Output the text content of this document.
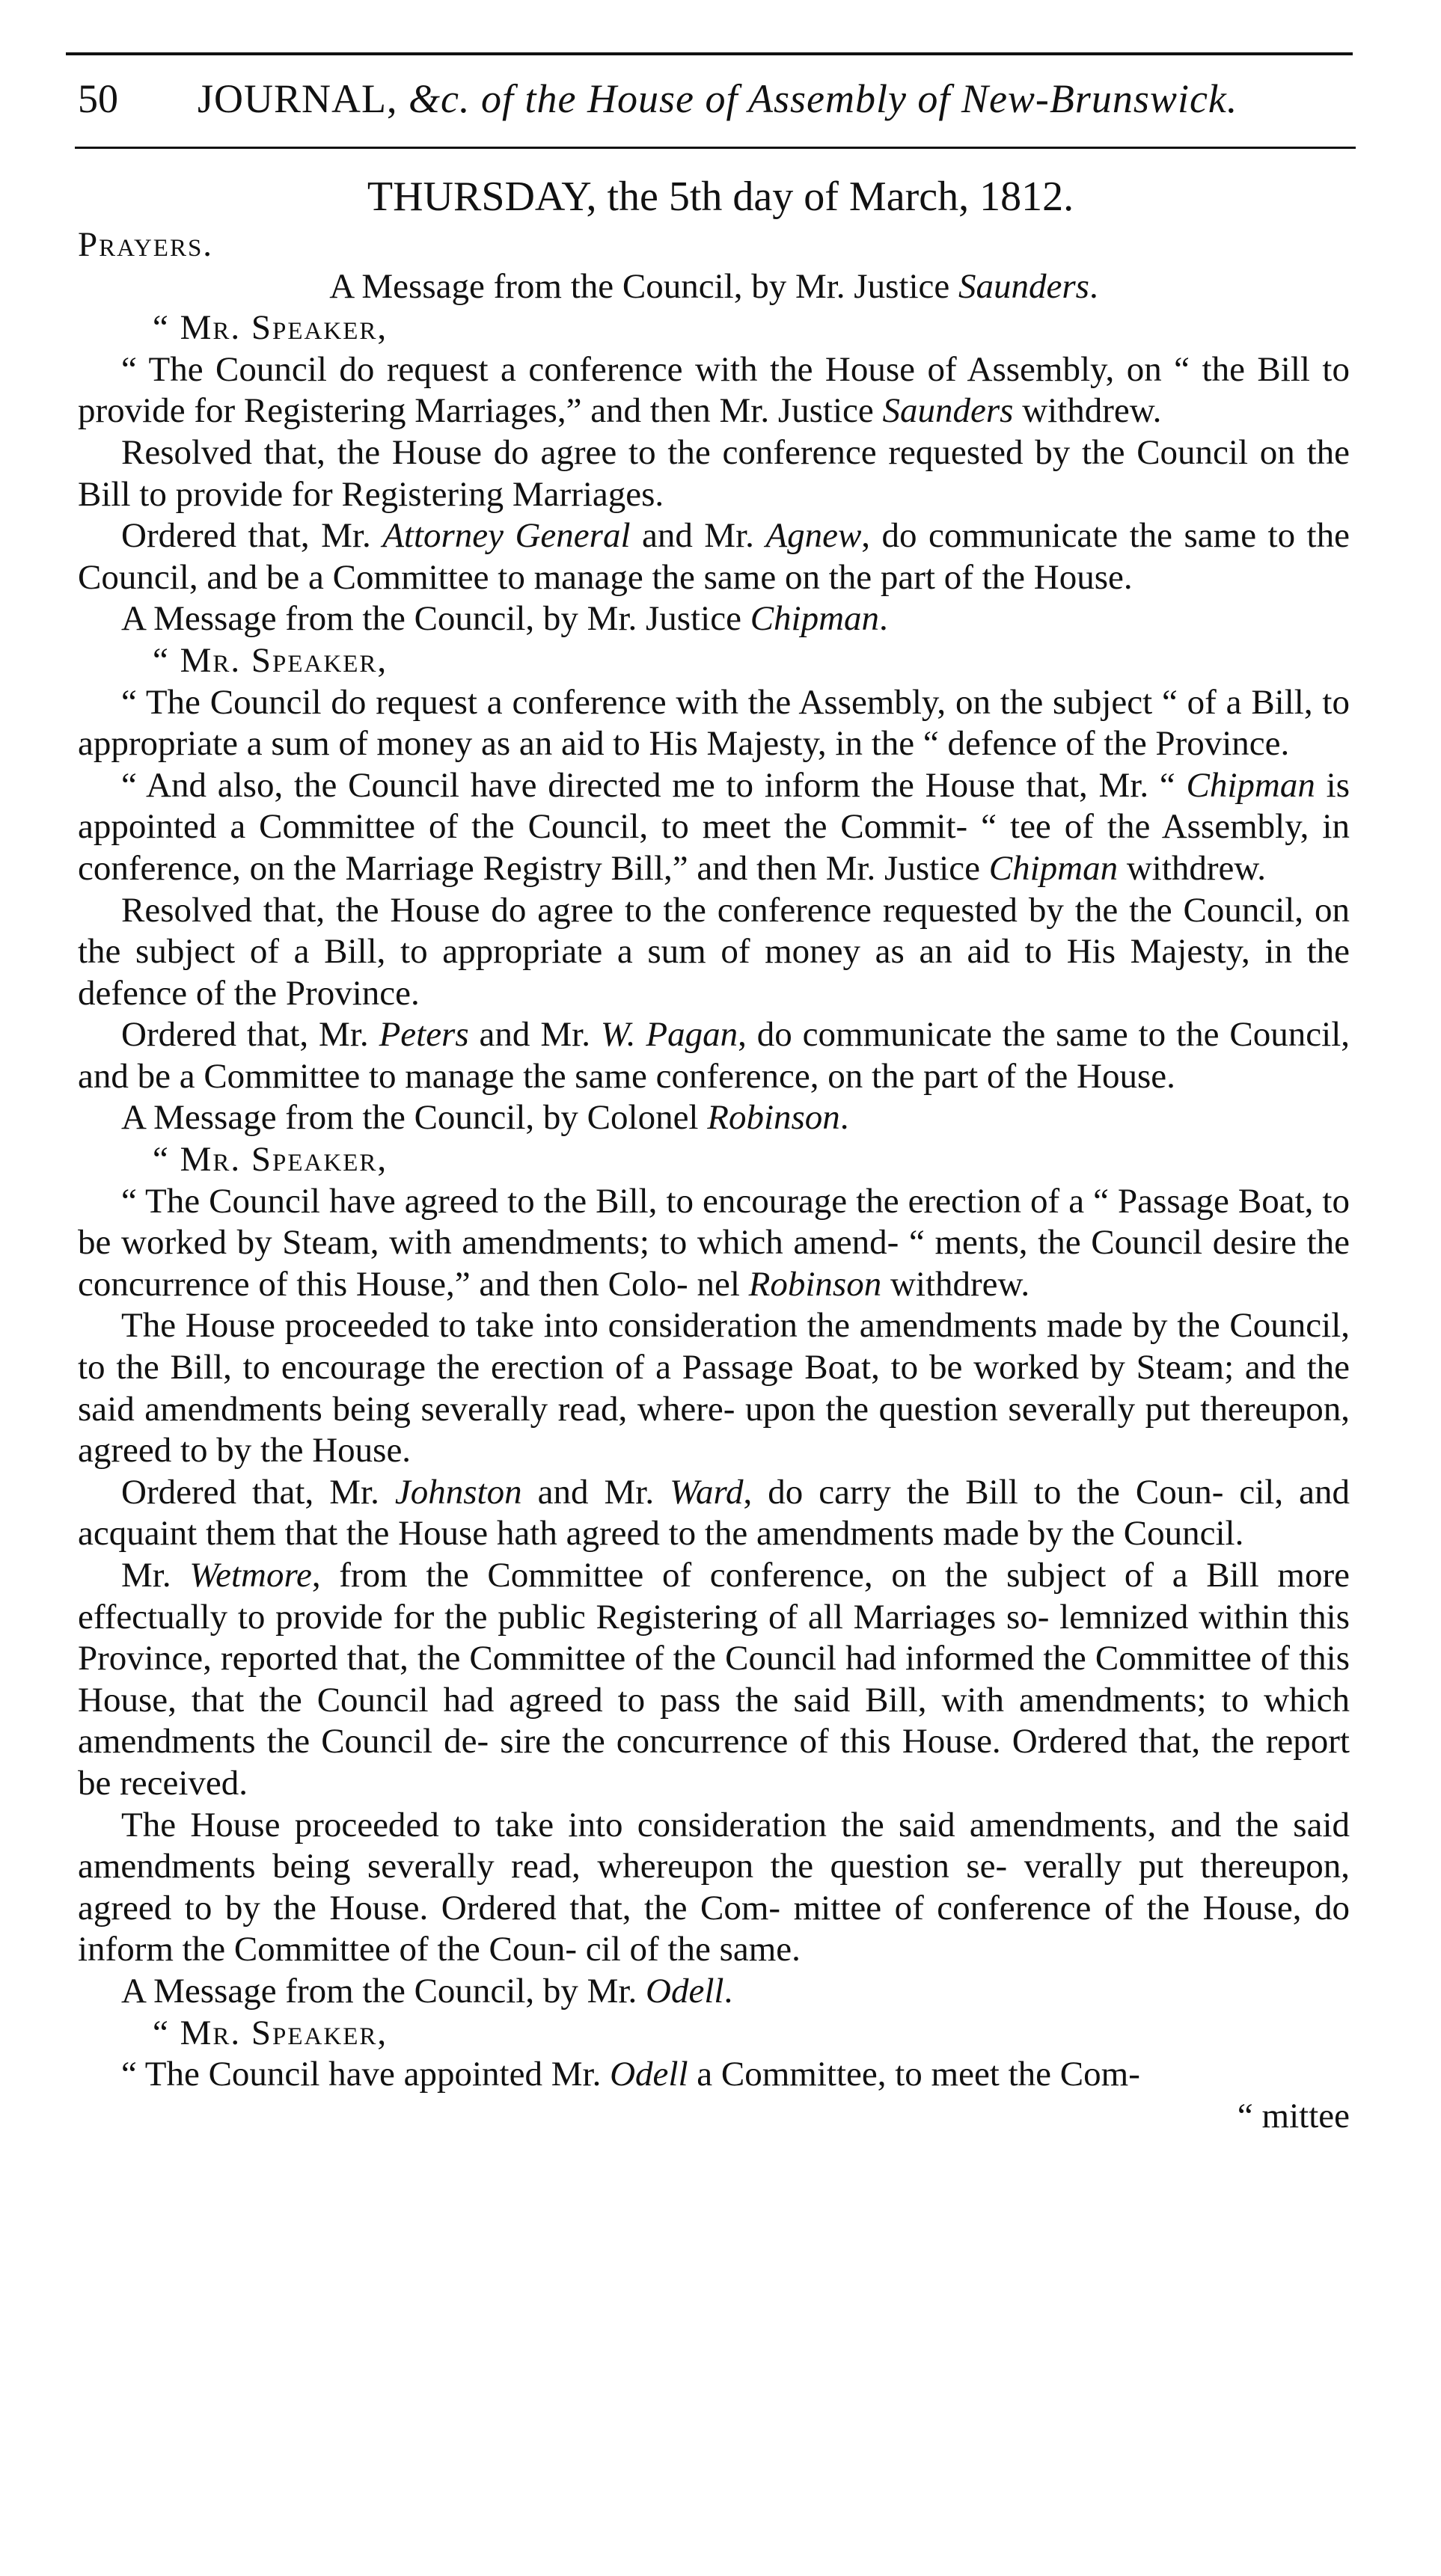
50 JOURNAL, &c. of the House of Assembly of New-Brunswick.
THURSDAY, the 5th day of March, 1812.

Prayers.

A Message from the Council, by Mr. Justice Saunders.

“ Mr. Speaker,

“ The Council do request a conference with the House of Assembly, on “ the Bill to provide for Registering Marriages,” and then Mr. Justice Saunders withdrew.

Resolved that, the House do agree to the conference requested by the Council on the Bill to provide for Registering Marriages.

Ordered that, Mr. Attorney General and Mr. Agnew, do communicate the same to the Council, and be a Committee to manage the same on the part of the House.

A Message from the Council, by Mr. Justice Chipman.

“ Mr. Speaker,

“ The Council do request a conference with the Assembly, on the subject “ of a Bill, to appropriate a sum of money as an aid to His Majesty, in the “ defence of the Province.

“ And also, the Council have directed me to inform the House that, Mr. “ Chipman is appointed a Committee of the Council, to meet the Commit- “ tee of the Assembly, in conference, on the Marriage Registry Bill,” and then Mr. Justice Chipman withdrew.

Resolved that, the House do agree to the conference requested by the the Council, on the subject of a Bill, to appropriate a sum of money as an aid to His Majesty, in the defence of the Province.

Ordered that, Mr. Peters and Mr. W. Pagan, do communicate the same to the Council, and be a Committee to manage the same conference, on the part of the House.

A Message from the Council, by Colonel Robinson.

“ Mr. Speaker,

“ The Council have agreed to the Bill, to encourage the erection of a “ Passage Boat, to be worked by Steam, with amendments; to which amend- “ ments, the Council desire the concurrence of this House,” and then Colo- nel Robinson withdrew.

The House proceeded to take into consideration the amendments made by the Council, to the Bill, to encourage the erection of a Passage Boat, to be worked by Steam; and the said amendments being severally read, where- upon the question severally put thereupon, agreed to by the House.

Ordered that, Mr. Johnston and Mr. Ward, do carry the Bill to the Coun- cil, and acquaint them that the House hath agreed to the amendments made by the Council.

Mr. Wetmore, from the Committee of conference, on the subject of a Bill more effectually to provide for the public Registering of all Marriages so- lemnized within this Province, reported that, the Committee of the Council had informed the Committee of this House, that the Council had agreed to pass the said Bill, with amendments; to which amendments the Council de- sire the concurrence of this House. Ordered that, the report be received.

The House proceeded to take into consideration the said amendments, and the said amendments being severally read, whereupon the question se- verally put thereupon, agreed to by the House. Ordered that, the Com- mittee of conference of the House, do inform the Committee of the Coun- cil of the same.

A Message from the Council, by Mr. Odell.

“ Mr. Speaker,

“ The Council have appointed Mr. Odell a Committee, to meet the Com-

“ mittee
